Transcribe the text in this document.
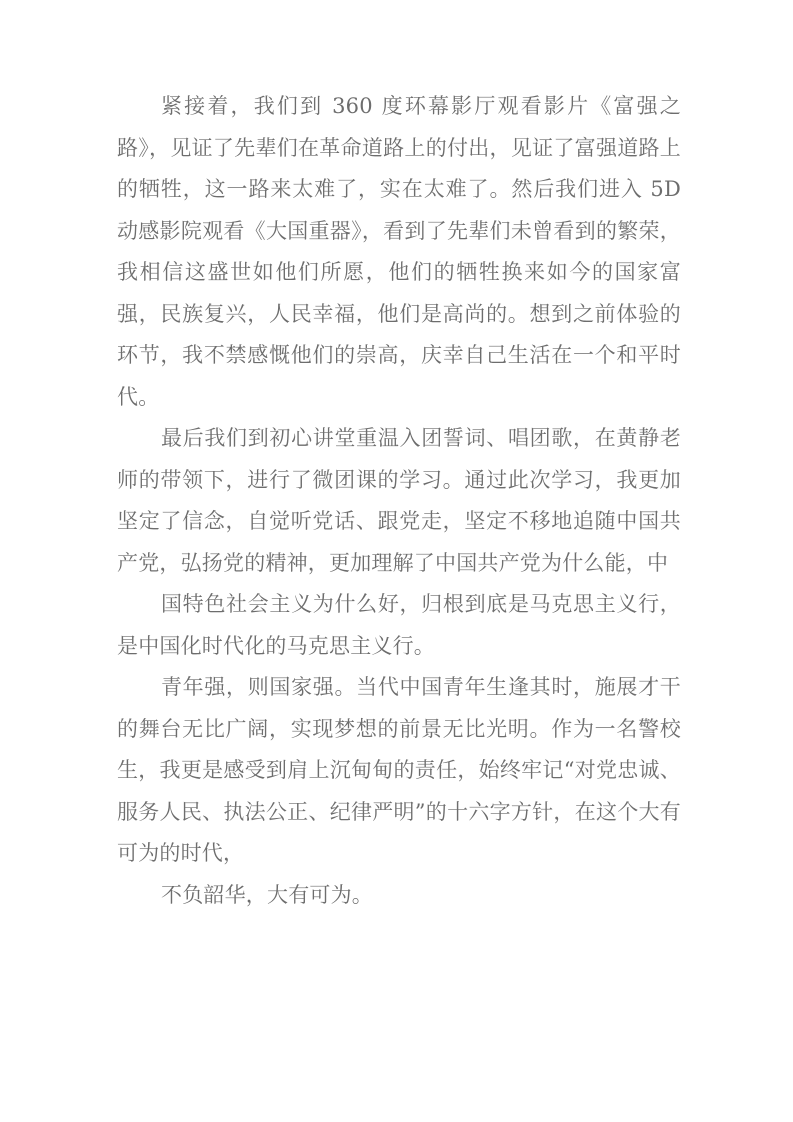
紧接着，我们到 360 度环幕影厅观看影片《富强之路》，见证了先辈们在革命道路上的付出，见证了富强道路上的牺牲，这一路来太难了，实在太难了。然后我们进入 5D 动感影院观看《大国重器》，看到了先辈们未曾看到的繁荣，我相信这盛世如他们所愿，他们的牺牲换来如今的国家富强，民族复兴，人民幸福，他们是高尚的。想到之前体验的环节，我不禁感慨他们的崇高，庆幸自己生活在一个和平时代。

最后我们到初心讲堂重温入团誓词、唱团歌，在黄静老师的带领下，进行了微团课的学习。通过此次学习，我更加坚定了信念，自觉听党话、跟党走，坚定不移地追随中国共产党，弘扬党的精神，更加理解了中国共产党为什么能，中

国特色社会主义为什么好，归根到底是马克思主义行，是中国化时代化的马克思主义行。

青年强，则国家强。当代中国青年生逢其时，施展才干的舞台无比广阔，实现梦想的前景无比光明。作为一名警校生，我更是感受到肩上沉甸甸的责任，始终牢记“对党忠诚、服务人民、执法公正、纪律严明”的十六字方针，在这个大有可为的时代，

不负韶华，大有可为。
